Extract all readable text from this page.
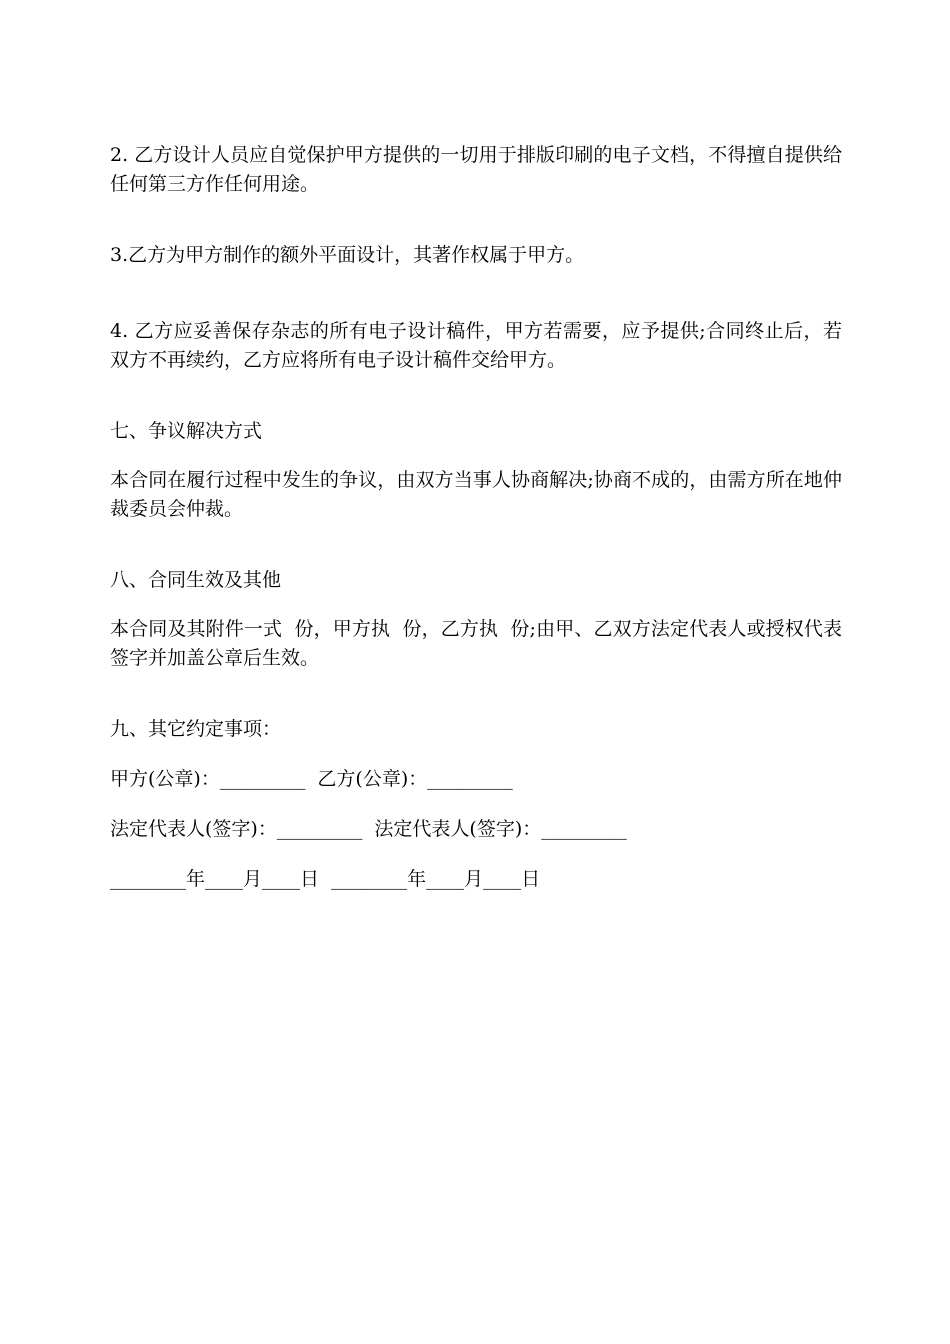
2. 乙方设计人员应自觉保护甲方提供的一切用于排版印刷的电子文档，不得擅自提供给任何第三方作任何用途。

3.乙方为甲方制作的额外平面设计，其著作权属于甲方。

4. 乙方应妥善保存杂志的所有电子设计稿件，甲方若需要，应予提供;合同终止后，若双方不再续约，乙方应将所有电子设计稿件交给甲方。

七、争议解决方式

本合同在履行过程中发生的争议，由双方当事人协商解决;协商不成的，由需方所在地仲裁委员会仲裁。

八、合同生效及其他

本合同及其附件一式  份，甲方执  份，乙方执  份;由甲、乙双方法定代表人或授权代表签字并加盖公章后生效。

九、其它约定事项：

甲方(公章)：_________  乙方(公章)：_________

法定代表人(签字)：_________  法定代表人(签字)：_________

________年____月____日  ________年____月____日
